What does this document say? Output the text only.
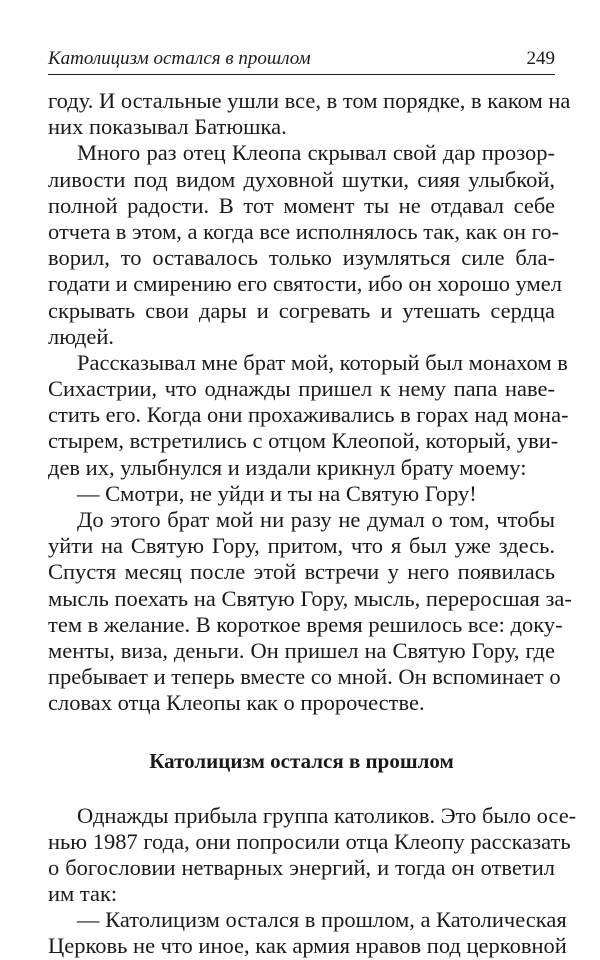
Католицизм остался в прошлом	249
году. И остальные ушли все, в том порядке, в каком на
них показывал Батюшка.
Много раз отец Клеопа скрывал свой дар прозор-
ливости под видом духовной шутки, сияя улыбкой,
полной радости. В тот момент ты не отдавал себе
отчета в этом, а когда все исполнялось так, как он го-
ворил, то оставалось только изумляться силе бла-
годати и смирению его святости, ибо он хорошо умел
скрывать свои дары и согревать и утешать сердца
людей.
Рассказывал мне брат мой, который был монахом в
Сихастрии, что однажды пришел к нему папа наве-
стить его. Когда они прохаживались в горах над мона-
стырем, встретились с отцом Клеопой, который, уви-
дев их, улыбнулся и издали крикнул брату моему:
— Смотри, не уйди и ты на Святую Гору!
До этого брат мой ни разу не думал о том, чтобы
уйти на Святую Гору, притом, что я был уже здесь.
Спустя месяц после этой встречи у него появилась
мысль поехать на Святую Гору, мысль, переросшая за-
тем в желание. В короткое время решилось все: доку-
менты, виза, деньги. Он пришел на Святую Гору, где
пребывает и теперь вместе со мной. Он вспоминает о
словах отца Клеопы как о пророчестве.
Католицизм остался в прошлом
Однажды прибыла группа католиков. Это было осе-
нью 1987 года, они попросили отца Клеопу рассказать
о богословии нетварных энергий, и тогда он ответил
им так:
— Католицизм остался в прошлом, а Католическая
Церковь не что иное, как армия нравов под церковной
